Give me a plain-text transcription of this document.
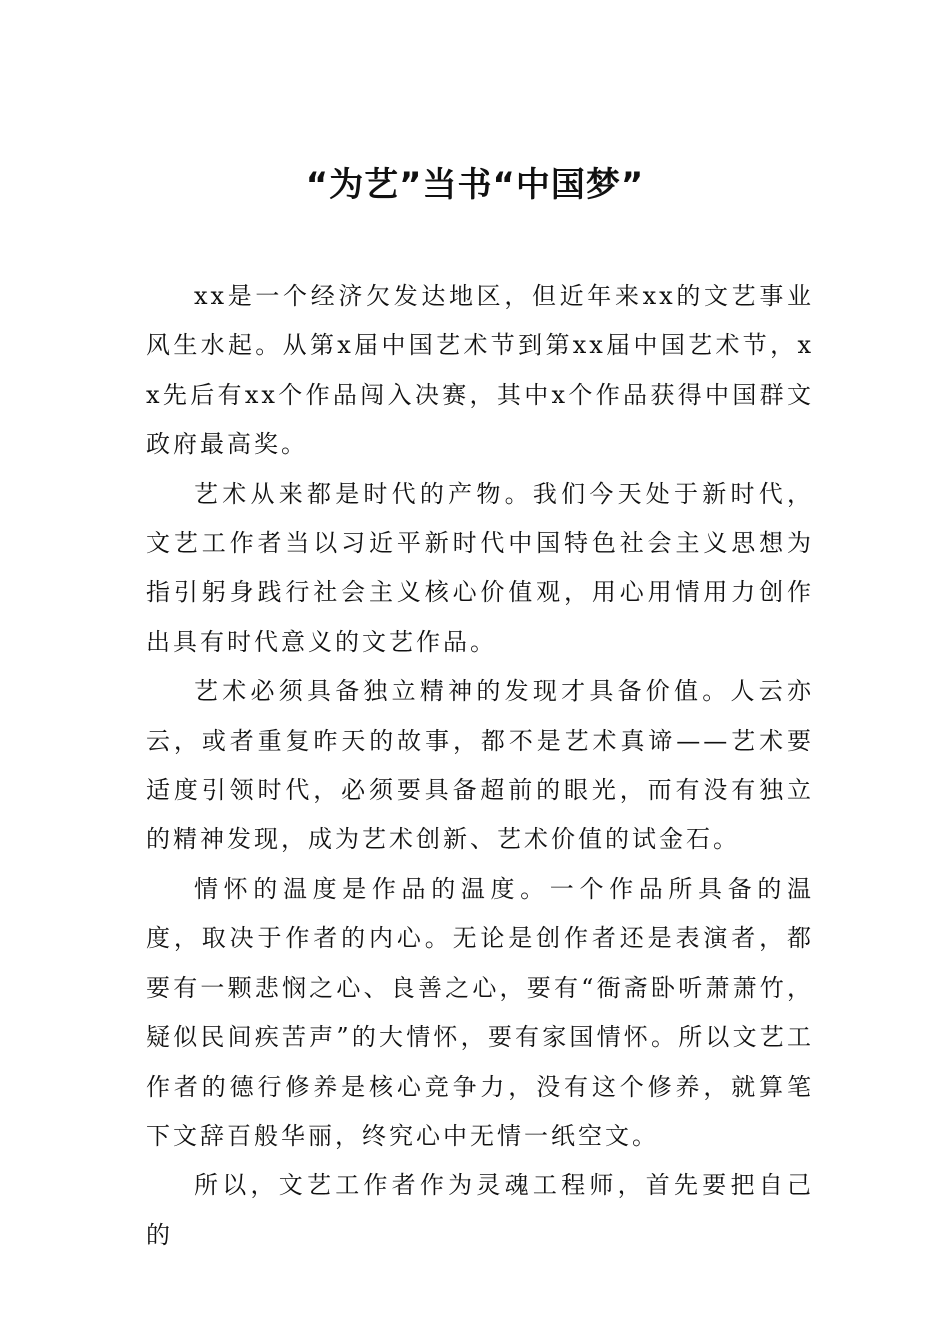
“为艺”当书“中国梦”

xx是一个经济欠发达地区，但近年来xx的文艺事业风生水起。从第x届中国艺术节到第xx届中国艺术节，xx先后有xx个作品闯入决赛，其中x个作品获得中国群文政府最高奖。

艺术从来都是时代的产物。我们今天处于新时代，文艺工作者当以习近平新时代中国特色社会主义思想为指引躬身践行社会主义核心价值观，用心用情用力创作出具有时代意义的文艺作品。

艺术必须具备独立精神的发现才具备价值。人云亦云，或者重复昨天的故事，都不是艺术真谛——艺术要适度引领时代，必须要具备超前的眼光，而有没有独立的精神发现，成为艺术创新、艺术价值的试金石。

情怀的温度是作品的温度。一个作品所具备的温度，取决于作者的内心。无论是创作者还是表演者，都要有一颗悲悯之心、良善之心，要有“衙斋卧听萧萧竹，疑似民间疾苦声”的大情怀，要有家国情怀。所以文艺工作者的德行修养是核心竞争力，没有这个修养，就算笔下文辞百般华丽，终究心中无情一纸空文。

所以，文艺工作者作为灵魂工程师，首先要把自己的
